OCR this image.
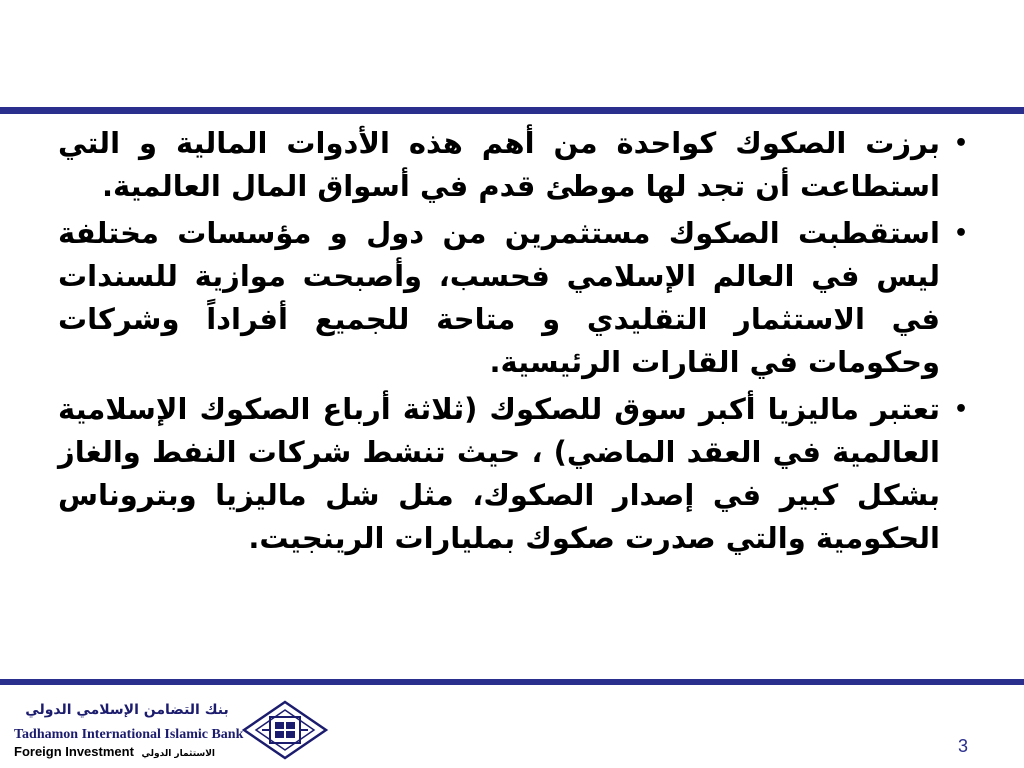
•
برزت الصكوك كواحدة من أهم هذه الأدوات المالية و التي استطاعت أن تجد لها موطئ قدم في أسواق المال العالمية.
•
استقطبت الصكوك مستثمرين من دول و مؤسسات مختلفة ليس في العالم الإسلامي فحسب، وأصبحت موازية للسندات في الاستثمار التقليدي و متاحة للجميع أفراداً وشركات وحكومات في القارات الرئيسية.
•
تعتبر ماليزيا أكبر سوق للصكوك (ثلاثة أرباع الصكوك الإسلامية العالمية في العقد الماضي) ، حيث تنشط شركات النفط والغاز بشكل كبير في إصدار الصكوك، مثل شل ماليزيا وبتروناس الحكومية والتي صدرت صكوك بمليارات الرينجيت.
بنك التضامن الإسلامي الدولي
Tadhamon International Islamic Bank
Foreign Investment الاستثمار الدولي	3
